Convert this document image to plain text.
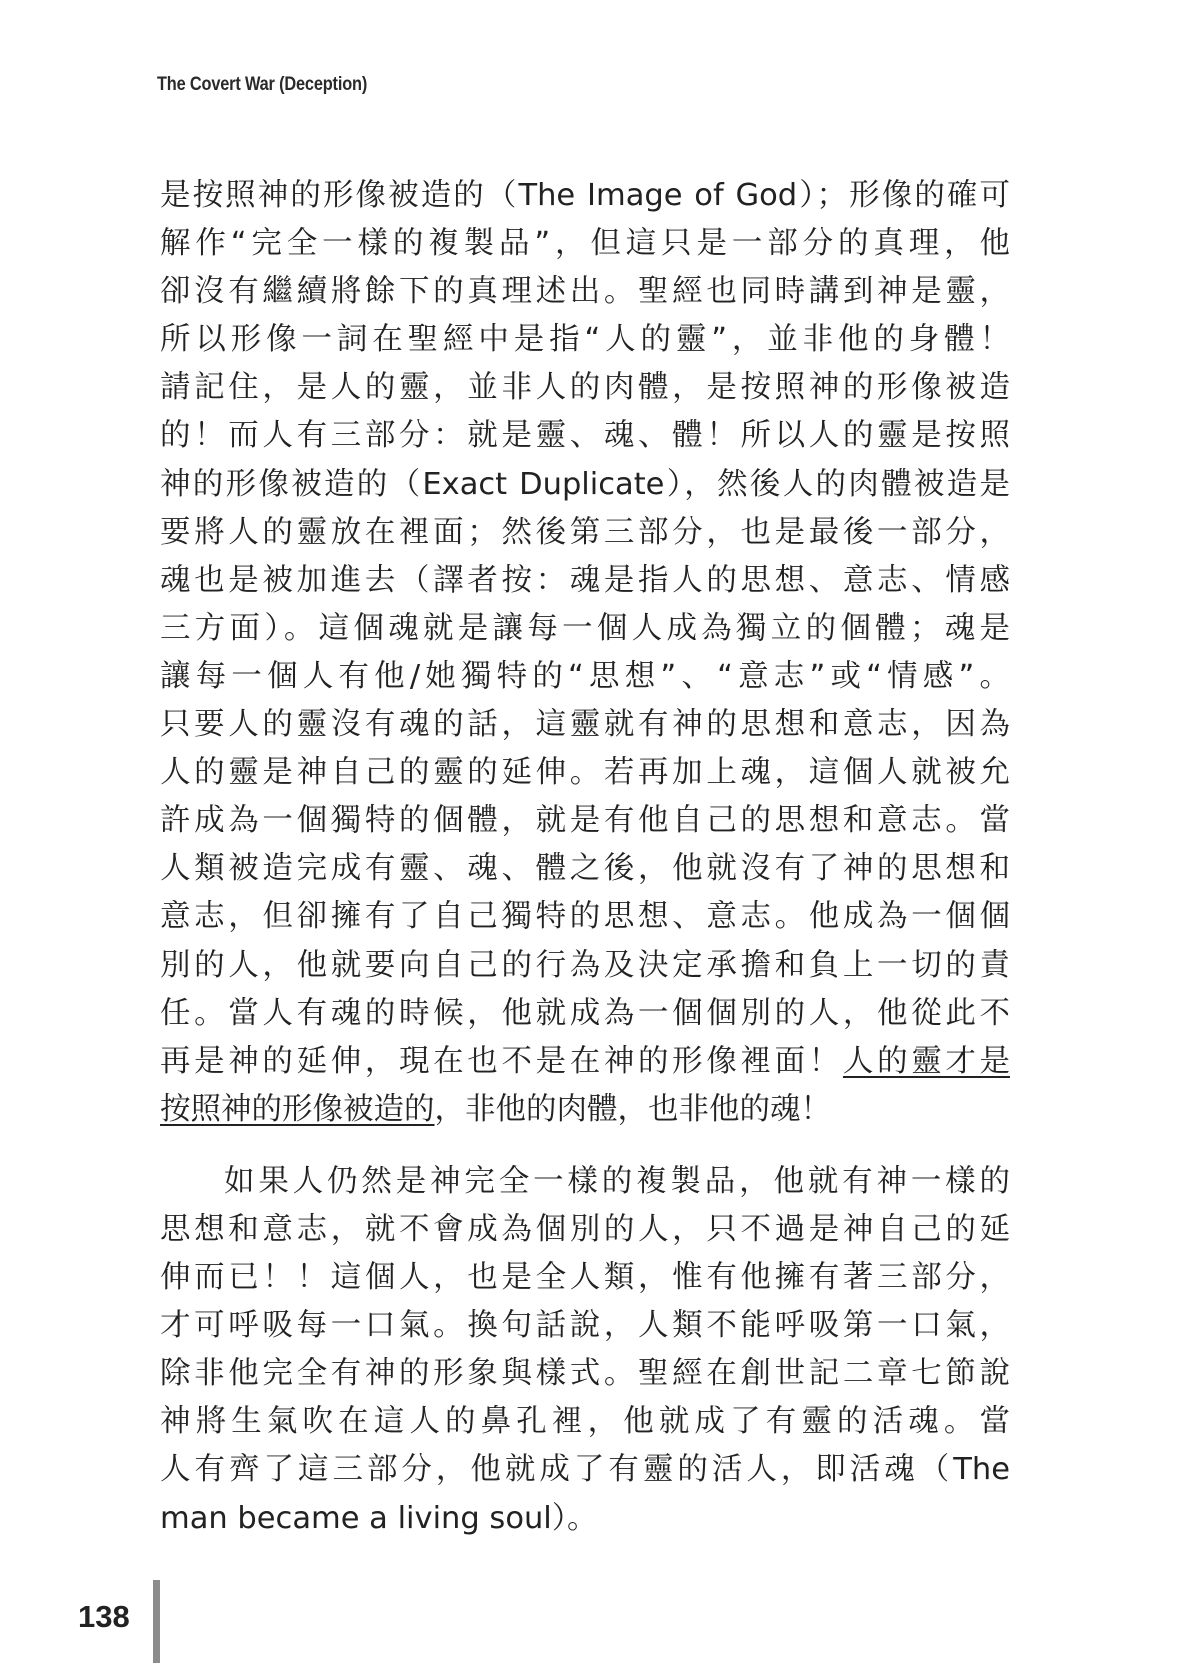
The Covert War (Deception)
是按照神的形像被造的（The Image of God）；形像的確可
解作“完全一樣的複製品”，但這只是一部分的真理，他
卻沒有繼續將餘下的真理述出。聖經也同時講到神是靈，
所以形像一詞在聖經中是指“人的靈”，並非他的身體！
請記住，是人的靈，並非人的肉體，是按照神的形像被造
的！而人有三部分：就是靈、魂、體！所以人的靈是按照
神的形像被造的（Exact Duplicate），然後人的肉體被造是
要將人的靈放在裡面；然後第三部分，也是最後一部分，
魂也是被加進去（譯者按：魂是指人的思想、意志、情感
三方面）。這個魂就是讓每一個人成為獨立的個體；魂是
讓每一個人有他/她獨特的“思想”、“意志”或“情感”。
只要人的靈沒有魂的話，這靈就有神的思想和意志，因為
人的靈是神自己的靈的延伸。若再加上魂，這個人就被允
許成為一個獨特的個體，就是有他自己的思想和意志。當
人類被造完成有靈、魂、體之後，他就沒有了神的思想和
意志，但卻擁有了自己獨特的思想、意志。他成為一個個
別的人，他就要向自己的行為及決定承擔和負上一切的責
任。當人有魂的時候，他就成為一個個別的人，他從此不
再是神的延伸，現在也不是在神的形像裡面！人的靈才是
按照神的形像被造的，非他的肉體，也非他的魂！
如果人仍然是神完全一樣的複製品，他就有神一樣的
思想和意志，就不會成為個別的人，只不過是神自己的延
伸而已！！這個人，也是全人類，惟有他擁有著三部分，
才可呼吸每一口氣。換句話說，人類不能呼吸第一口氣，
除非他完全有神的形象與樣式。聖經在創世記二章七節說
神將生氣吹在這人的鼻孔裡，他就成了有靈的活魂。當
人有齊了這三部分，他就成了有靈的活人，即活魂（The
man became a living soul）。
138
